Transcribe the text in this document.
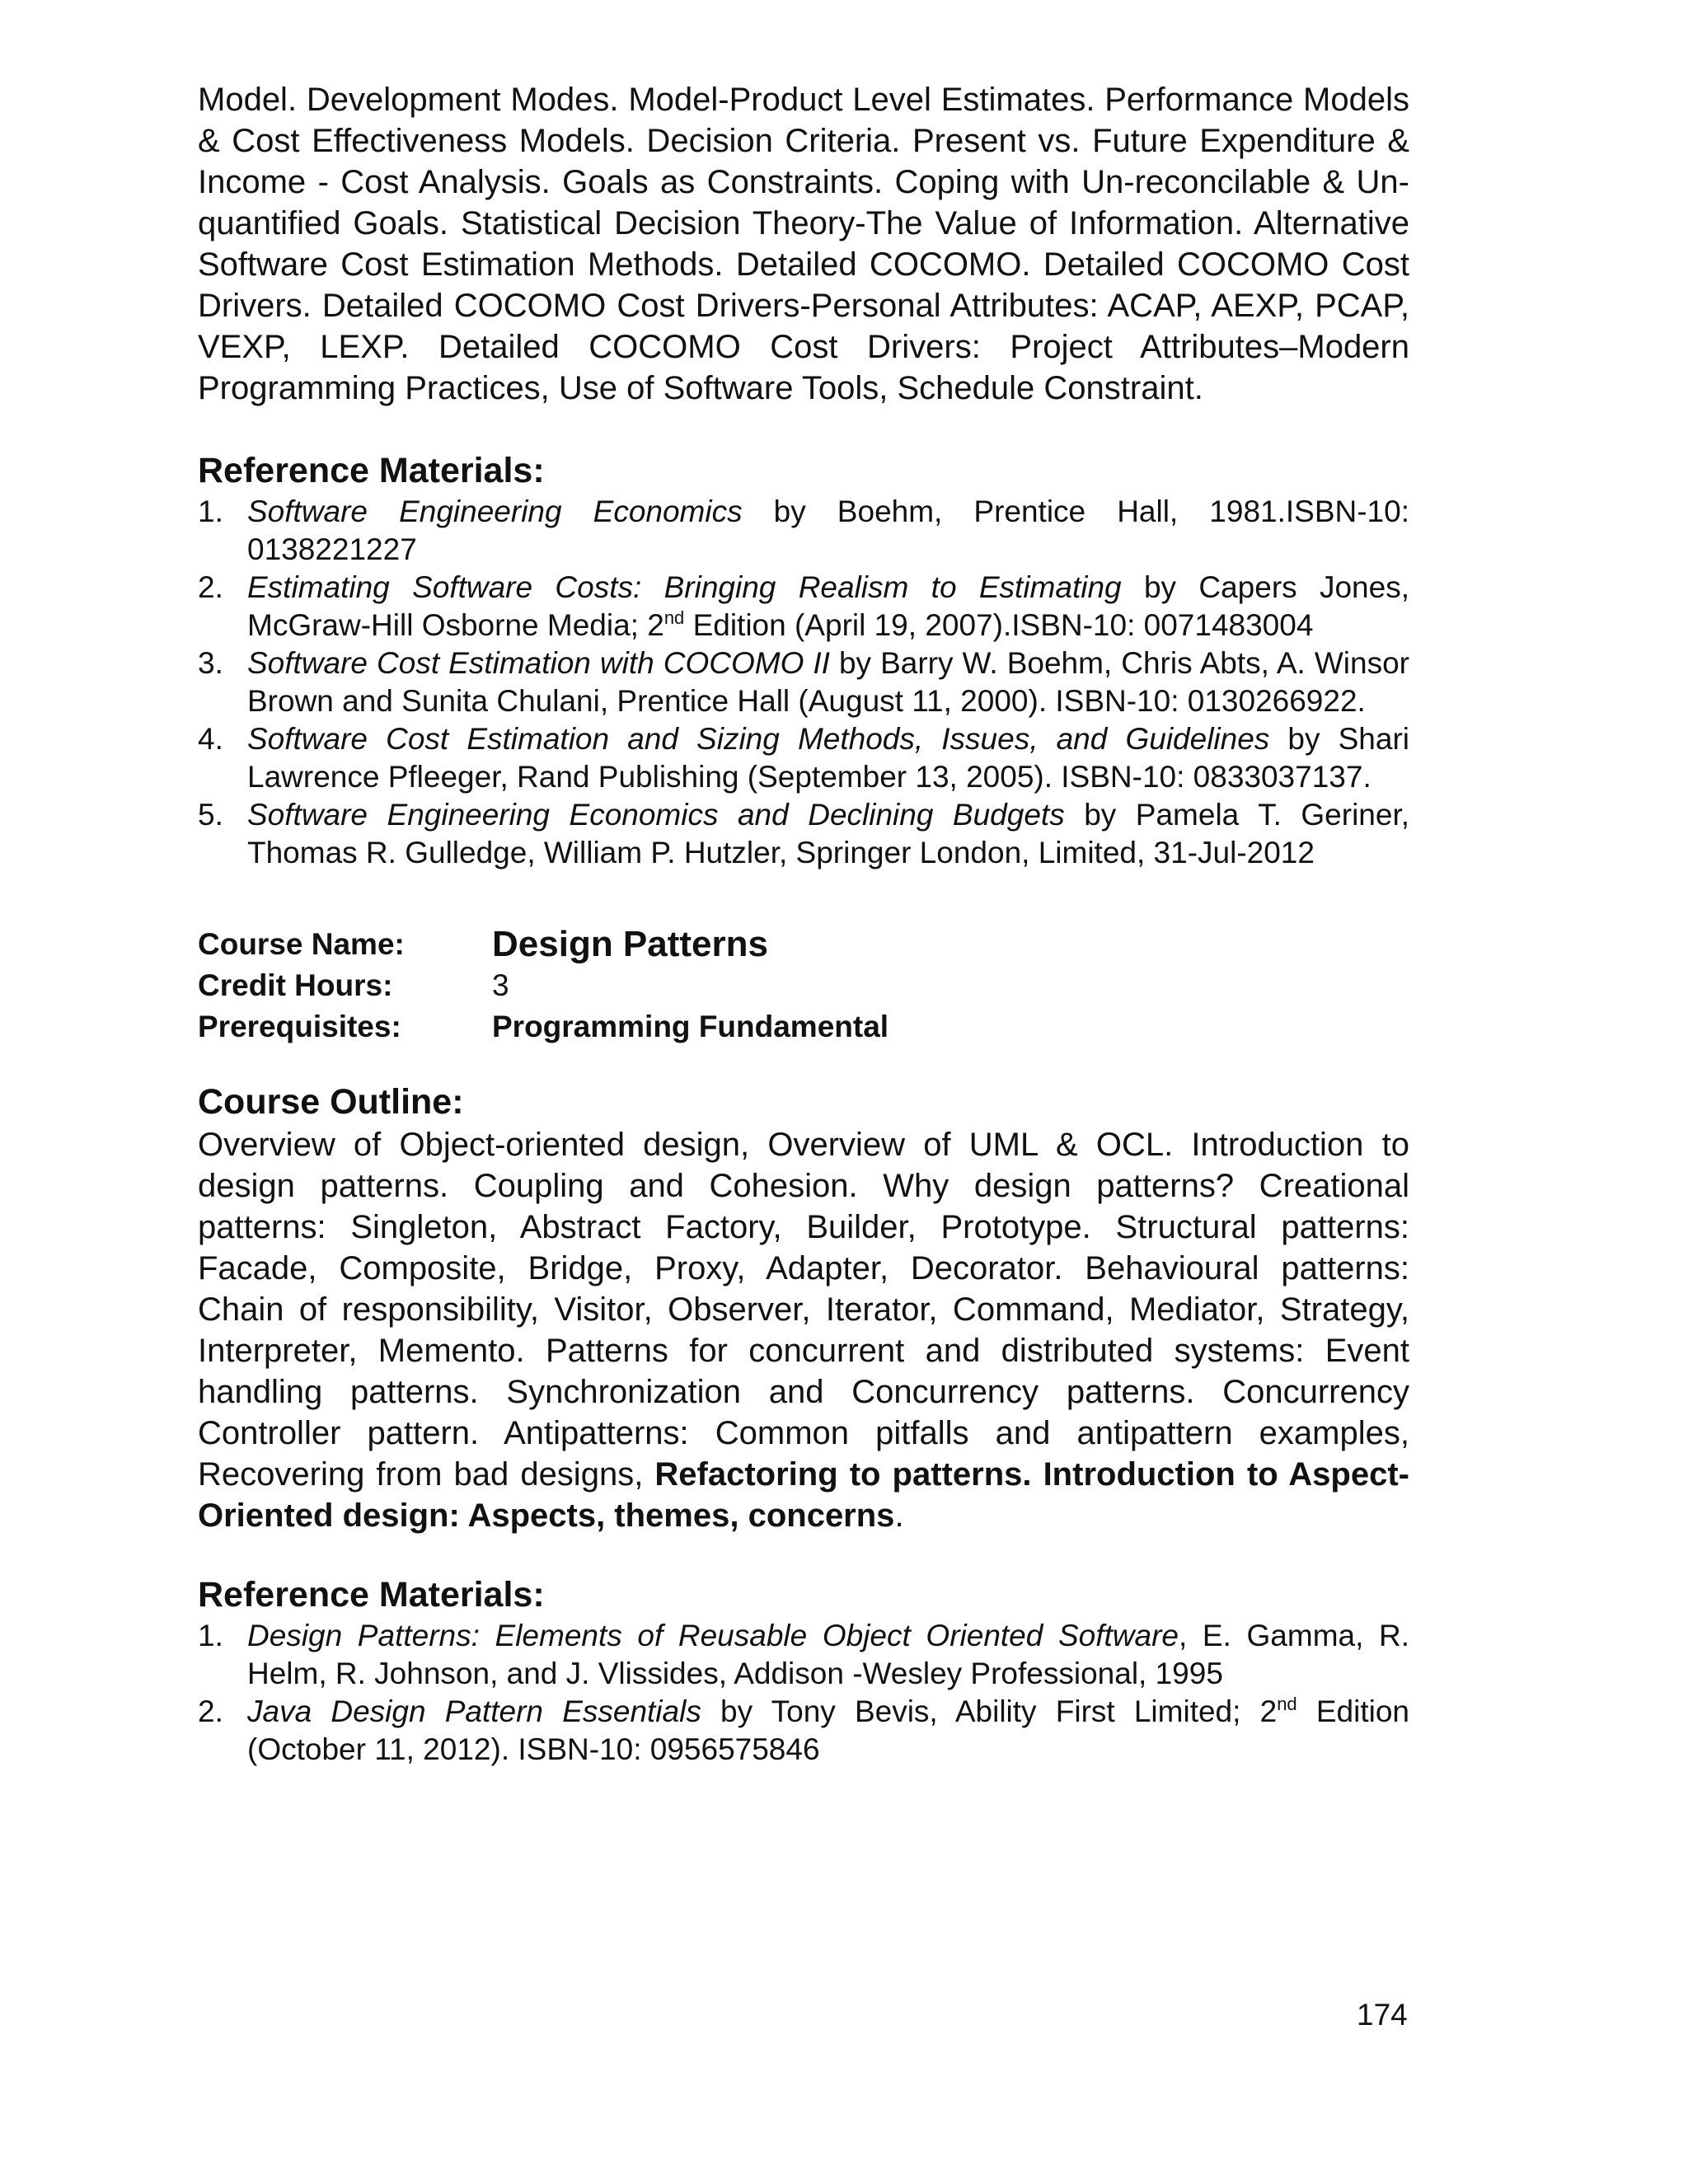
Model. Development Modes. Model-Product Level Estimates. Performance Models & Cost Effectiveness Models. Decision Criteria. Present vs. Future Expenditure & Income - Cost Analysis. Goals as Constraints. Coping with Un-reconcilable & Un-quantified Goals. Statistical Decision Theory-The Value of Information. Alternative Software Cost Estimation Methods. Detailed COCOMO. Detailed COCOMO Cost Drivers. Detailed COCOMO Cost Drivers-Personal Attributes: ACAP, AEXP, PCAP, VEXP, LEXP. Detailed COCOMO Cost Drivers: Project Attributes–Modern Programming Practices, Use of Software Tools, Schedule Constraint.

Reference Materials:
1. Software Engineering Economics by Boehm, Prentice Hall, 1981.ISBN-10: 0138221227
2. Estimating Software Costs: Bringing Realism to Estimating by Capers Jones, McGraw-Hill Osborne Media; 2nd Edition (April 19, 2007).ISBN-10: 0071483004
3. Software Cost Estimation with COCOMO II by Barry W. Boehm, Chris Abts, A. Winsor Brown and Sunita Chulani, Prentice Hall (August 11, 2000). ISBN-10: 0130266922.
4. Software Cost Estimation and Sizing Methods, Issues, and Guidelines by Shari Lawrence Pfleeger, Rand Publishing (September 13, 2005). ISBN-10: 0833037137.
5. Software Engineering Economics and Declining Budgets by Pamela T. Geriner, Thomas R. Gulledge, William P. Hutzler, Springer London, Limited, 31-Jul-2012
Course Name:	Design Patterns
Credit Hours:	3
Prerequisites:	Programming Fundamental
Course Outline:

Overview of Object-oriented design, Overview of UML & OCL. Introduction to design patterns. Coupling and Cohesion. Why design patterns? Creational patterns: Singleton, Abstract Factory, Builder, Prototype. Structural patterns: Facade, Composite, Bridge, Proxy, Adapter, Decorator. Behavioural patterns: Chain of responsibility, Visitor, Observer, Iterator, Command, Mediator, Strategy, Interpreter, Memento. Patterns for concurrent and distributed systems: Event handling patterns. Synchronization and Concurrency patterns. Concurrency Controller pattern. Antipatterns: Common pitfalls and antipattern examples, Recovering from bad designs, Refactoring to patterns. Introduction to Aspect-Oriented design: Aspects, themes, concerns.

Reference Materials:
1. Design Patterns: Elements of Reusable Object Oriented Software, E. Gamma, R. Helm, R. Johnson, and J. Vlissides, Addison -Wesley Professional, 1995
2. Java Design Pattern Essentials by Tony Bevis, Ability First Limited; 2nd Edition (October 11, 2012). ISBN-10: 0956575846
174
